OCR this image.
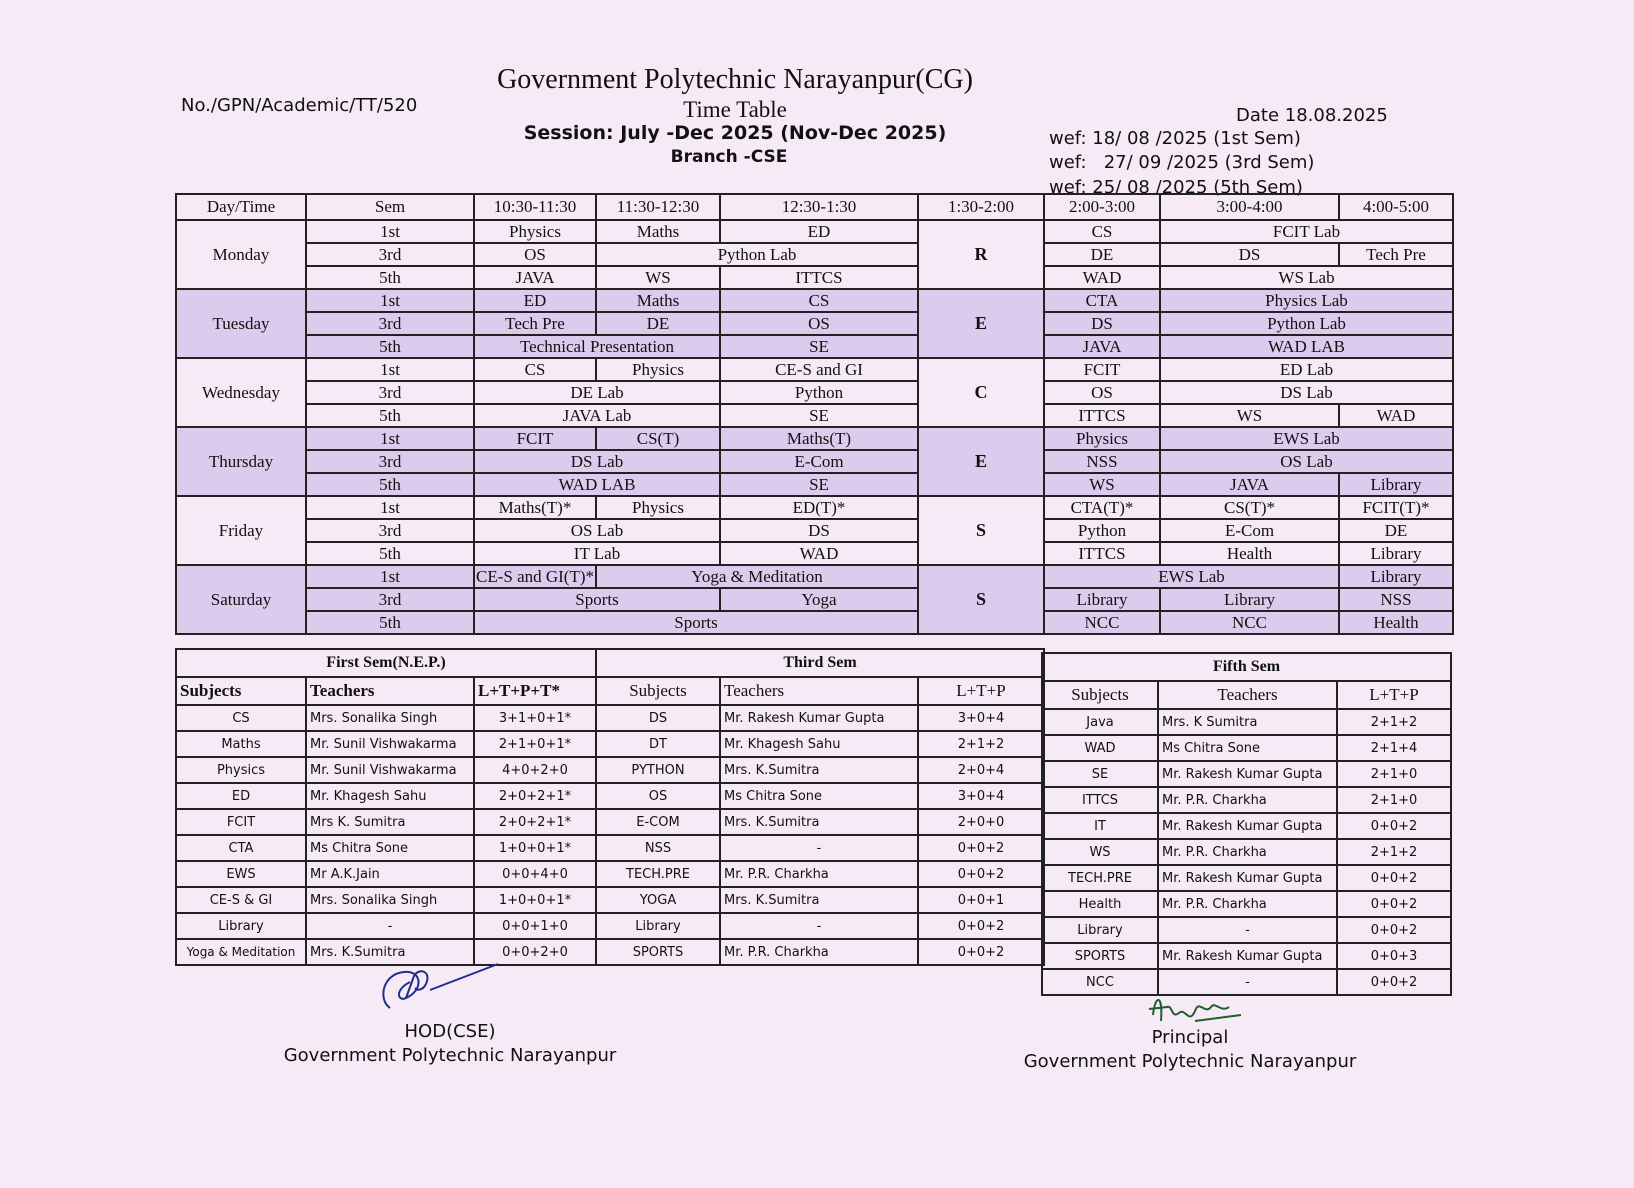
Government Polytechnic Narayanpur(CG)
Time Table
Session: July -Dec 2025 (Nov-Dec 2025)
Branch -CSE
No./GPN/Academic/TT/520	Date 18.08.2025
wef: 18/ 08 /2025 (1st Sem)
wef:   27/ 09 /2025 (3rd Sem)
wef: 25/ 08 /2025 (5th Sem)
Day/Time	Sem	10:30-11:30	11:30-12:30	12:30-1:30	1:30-2:00	2:00-3:00	3:00-4:00	4:00-5:00
Monday	1st	Physics	Maths	ED	R	CS	FCIT Lab	
	3rd	OS	Python Lab			DE	DS	Tech Pre
	5th	JAVA	WS	ITTCS		WAD	WS Lab	
Tuesday	1st	ED	Maths	CS	E	CTA	Physics Lab	
	3rd	Tech Pre	DE	OS		DS	Python Lab	
	5th	Technical Presentation		SE		JAVA	WAD LAB	
Wednesday	1st	CS	Physics	CE-S and GI	C	FCIT	ED Lab	
	3rd	DE Lab		Python		OS	DS Lab	
	5th	JAVA Lab		SE		ITTCS	WS	WAD
Thursday	1st	FCIT	CS(T)	Maths(T)	E	Physics	EWS Lab	
	3rd	DS Lab		E-Com		NSS	OS Lab	
	5th	WAD LAB		SE		WS	JAVA	Library
Friday	1st	Maths(T)*	Physics	ED(T)*	S	CTA(T)*	CS(T)*	FCIT(T)*
	3rd	OS Lab		DS		Python	E-Com	DE
	5th	IT Lab		WAD		ITTCS	Health	Library
Saturday	1st	CE-S and GI(T)*	Yoga & Meditation		S	EWS Lab		Library
	3rd	Sports		Yoga		Library	Library	NSS
	5th	Sports				NCC	NCC	Health
First Sem(N.E.P.)		
Subjects	Teachers	L+T+P+T*
CS	Mrs. Sonalika Singh	3+1+0+1*
Maths	Mr. Sunil Vishwakarma	2+1+0+1*
Physics	Mr. Sunil Vishwakarma	4+0+2+0
ED	Mr. Khagesh Sahu	2+0+2+1*
FCIT	Mrs K. Sumitra	2+0+2+1*
CTA	Ms Chitra Sone	1+0+0+1*
EWS	Mr A.K.Jain	0+0+4+0
CE-S & GI	Mrs. Sonalika Singh	1+0+0+1*
Library	-	0+0+1+0
Yoga & Meditation	Mrs. K.Sumitra	0+0+2+0
Third Sem		
Subjects	Teachers	L+T+P
DS	Mr. Rakesh Kumar Gupta	3+0+4
DT	Mr. Khagesh Sahu	2+1+2
PYTHON	Mrs. K.Sumitra	2+0+4
OS	Ms Chitra Sone	3+0+4
E-COM	Mrs. K.Sumitra	2+0+0
NSS	-	0+0+2
TECH.PRE	Mr. P.R. Charkha	0+0+2
YOGA	Mrs. K.Sumitra	0+0+1
Library	-	0+0+2
SPORTS	Mr. P.R. Charkha	0+0+2
Fifth Sem		
Subjects	Teachers	L+T+P
Java	Mrs. K Sumitra	2+1+2
WAD	Ms Chitra Sone	2+1+4
SE	Mr. Rakesh Kumar Gupta	2+1+0
ITTCS	Mr. P.R. Charkha	2+1+0
IT	Mr. Rakesh Kumar Gupta	0+0+2
WS	Mr. P.R. Charkha	2+1+2
TECH.PRE	Mr. Rakesh Kumar Gupta	0+0+2
Health	Mr. P.R. Charkha	0+0+2
Library	-	0+0+2
SPORTS	Mr. Rakesh Kumar Gupta	0+0+3
NCC	-	0+0+2
HOD(CSE)
Government Polytechnic Narayanpur
Principal
Government Polytechnic Narayanpur
